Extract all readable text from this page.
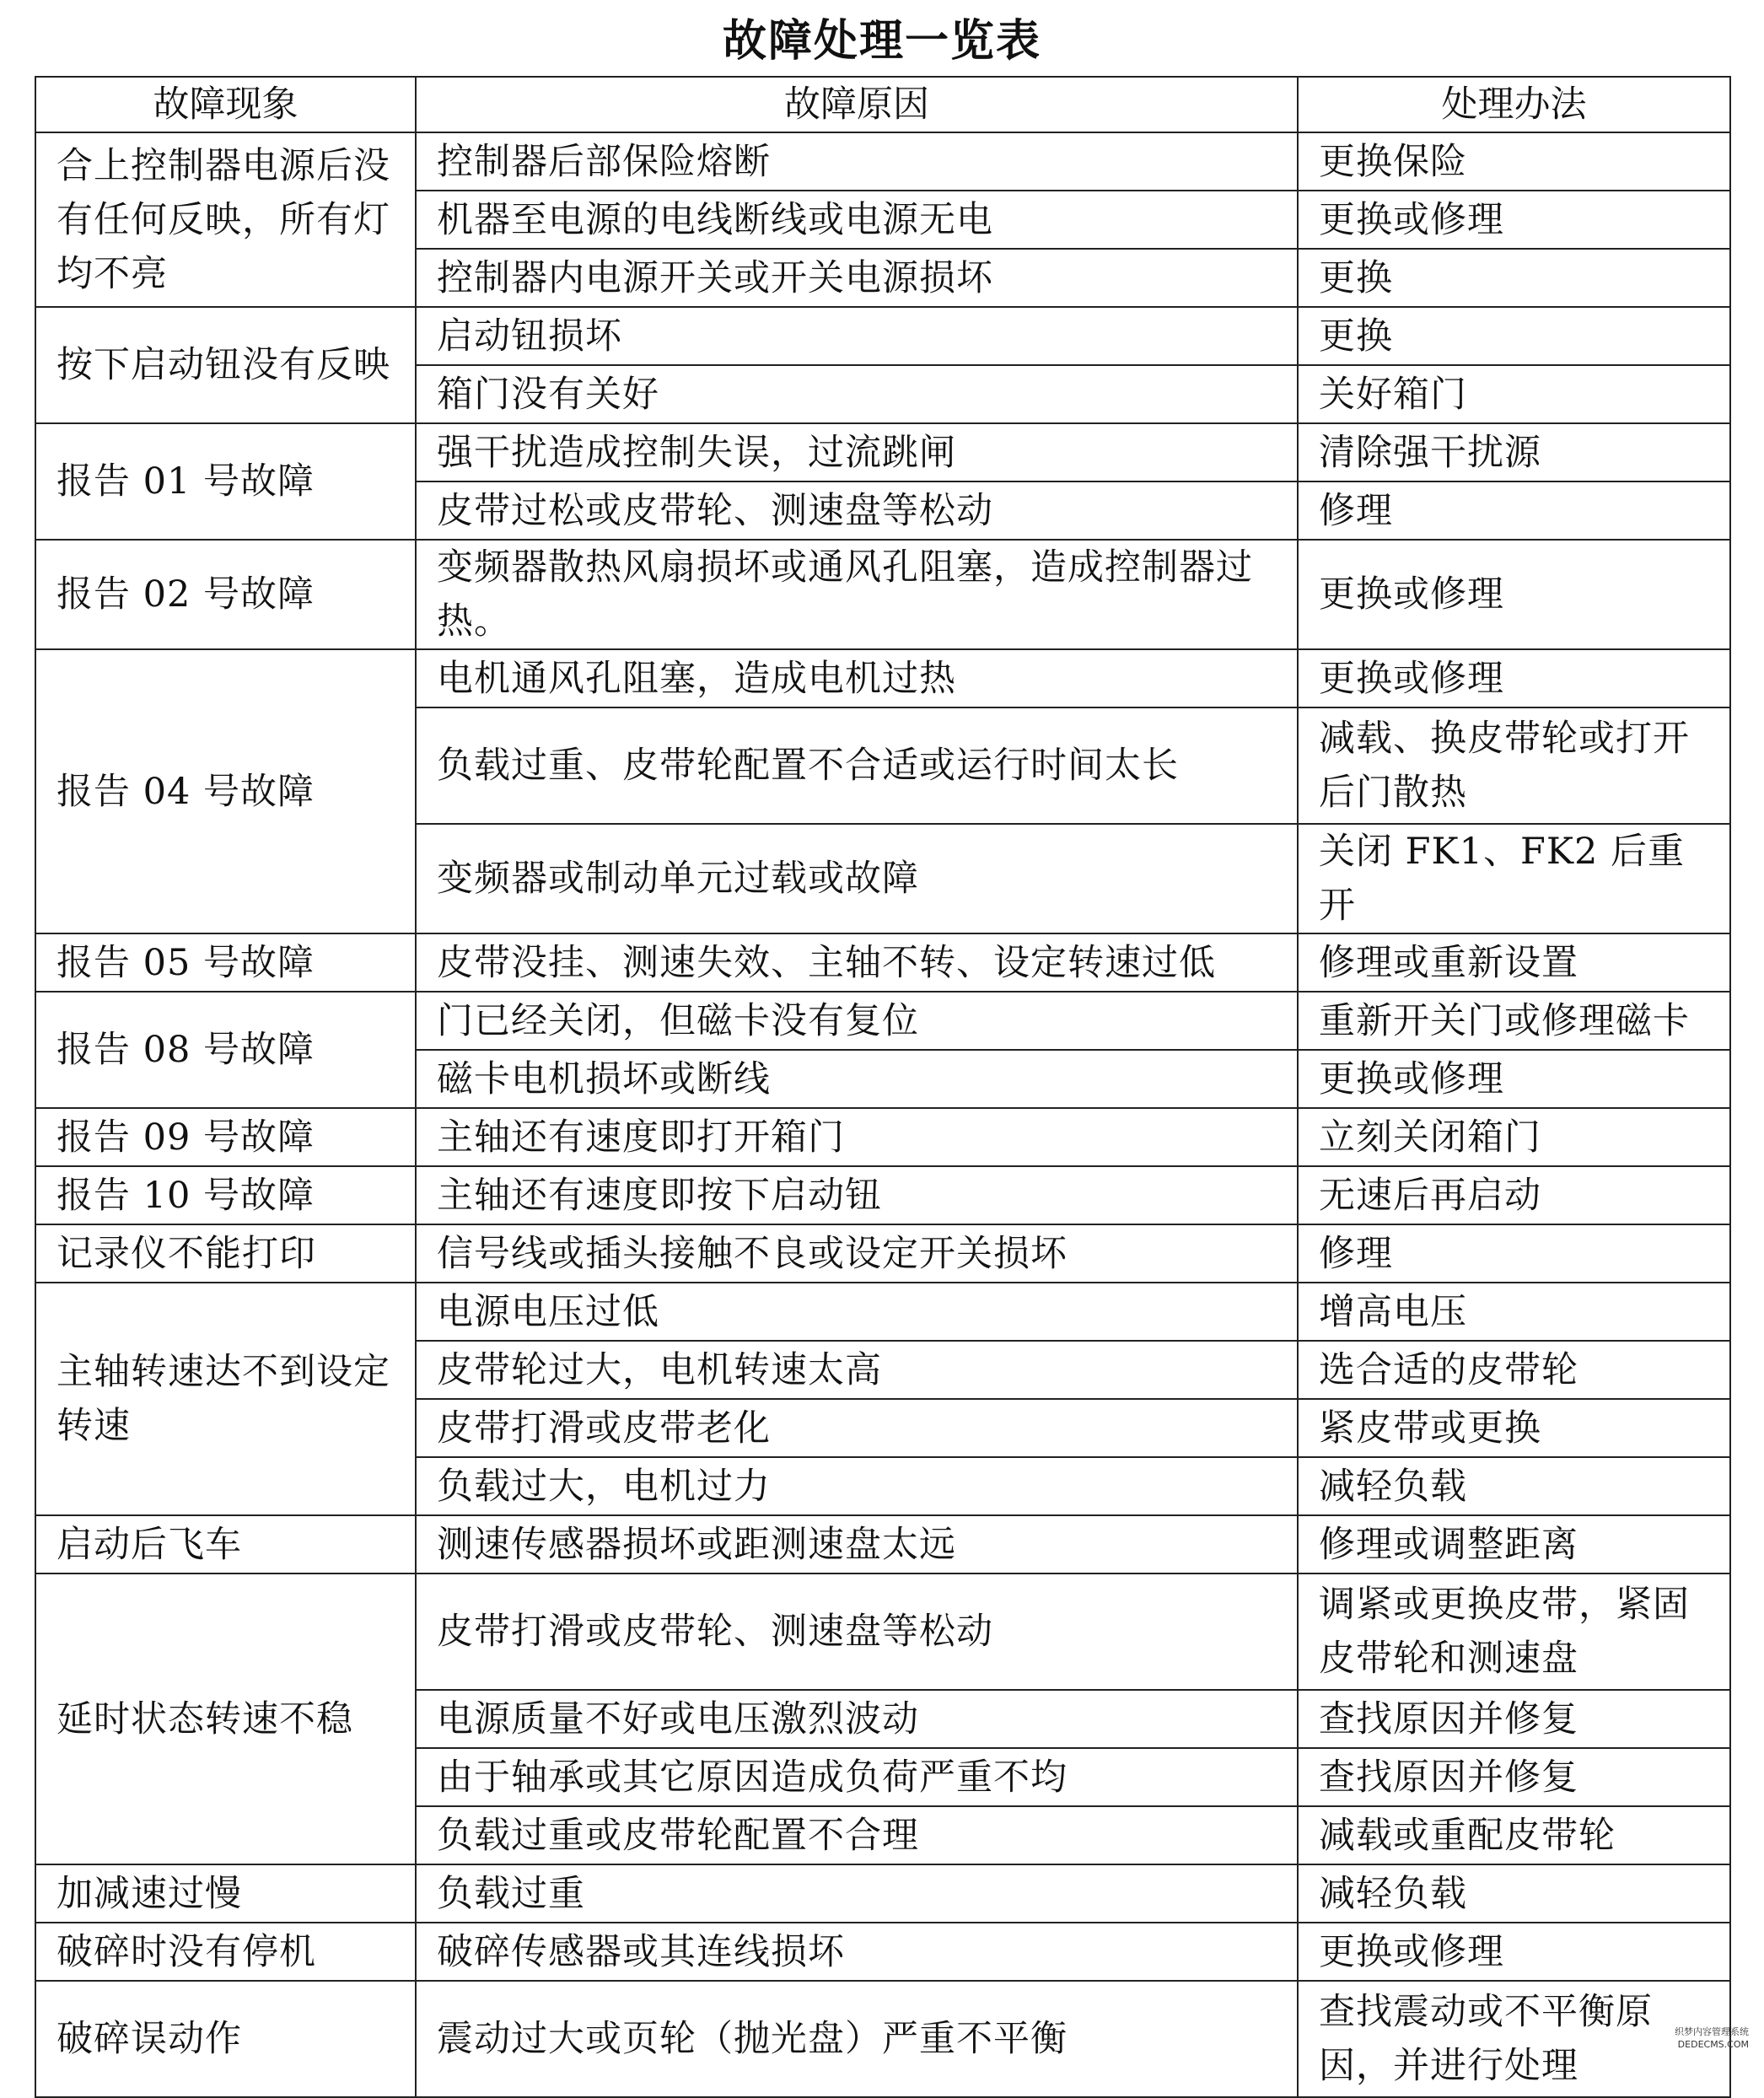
故障处理一览表
故障现象	故障原因	处理办法
合上控制器电源后没有任何反映，所有灯均不亮	控制器后部保险熔断	更换保险
	机器至电源的电线断线或电源无电	更换或修理
	控制器内电源开关或开关电源损坏	更换
按下启动钮没有反映	启动钮损坏	更换
	箱门没有关好	关好箱门
报告 01 号故障	强干扰造成控制失误，过流跳闸	清除强干扰源
	皮带过松或皮带轮、测速盘等松动	修理
报告 02 号故障	变频器散热风扇损坏或通风孔阻塞，造成控制器过热。	更换或修理
报告 04 号故障	电机通风孔阻塞，造成电机过热	更换或修理
	负载过重、皮带轮配置不合适或运行时间太长	减载、换皮带轮或打开后门散热
	变频器或制动单元过载或故障	关闭 FK1、FK2 后重开
报告 05 号故障	皮带没挂、测速失效、主轴不转、设定转速过低	修理或重新设置
报告 08 号故障	门已经关闭，但磁卡没有复位	重新开关门或修理磁卡
	磁卡电机损坏或断线	更换或修理
报告 09 号故障	主轴还有速度即打开箱门	立刻关闭箱门
报告 10 号故障	主轴还有速度即按下启动钮	无速后再启动
记录仪不能打印	信号线或插头接触不良或设定开关损坏	修理
主轴转速达不到设定转速	电源电压过低	增高电压
	皮带轮过大，电机转速太高	选合适的皮带轮
	皮带打滑或皮带老化	紧皮带或更换
	负载过大，电机过力	减轻负载
启动后飞车	测速传感器损坏或距测速盘太远	修理或调整距离
延时状态转速不稳	皮带打滑或皮带轮、测速盘等松动	调紧或更换皮带，紧固皮带轮和测速盘
	电源质量不好或电压激烈波动	查找原因并修复
	由于轴承或其它原因造成负荷严重不均	查找原因并修复
	负载过重或皮带轮配置不合理	减载或重配皮带轮
加减速过慢	负载过重	减轻负载
破碎时没有停机	破碎传感器或其连线损坏	更换或修理
破碎误动作	震动过大或页轮（抛光盘）严重不平衡	查找震动或不平衡原因，并进行处理
织梦内容管理系统
DEDECMS.COM
